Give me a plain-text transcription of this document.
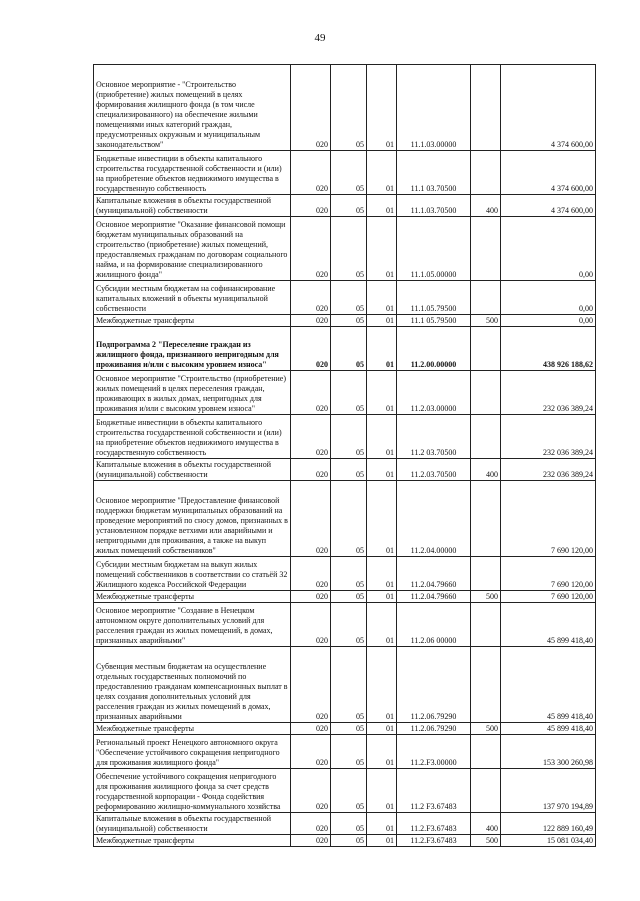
49
Основное мероприятие - "Строительство (приобретение) жилых помещений в целях формирования жилищного фонда (в том числе специализированного) на обеспечение жилыми помещениями иных категорий граждан, предусмотренных окружным и муниципальным законодательством"	020	05	01	11.1.03.00000		4 374 600,00
Бюджетные инвестиции в объекты капитального строительства государственной собственности и (или) на приобретение объектов недвижимого имущества в государственную собственность	020	05	01	11.1 03.70500		4 374 600,00
Капитальные вложения в объекты государственной (муниципальной) собственности	020	05	01	11.1.03.70500	400	4 374 600,00
Основное мероприятие "Оказание финансовой помощи бюджетам муниципальных образований на строительство (приобретение) жилых помещений, предоставляемых гражданам по договорам социального найма, и на формирование специализированного жилищного фонда"	020	05	01	11.1.05.00000		0,00
Субсидии местным бюджетам на софинансирование капитальных вложений в объекты муниципальной собственности	020	05	01	11.1.05.79500		0,00
Межбюджетные трансферты	020	05	01	11.1 05.79500	500	0,00
Подпрограмма 2 "Переселение граждан из жилищного фонда, признанного непригодным для проживания и/или с высоким уровнем износа"	020	05	01	11.2.00.00000		438 926 188,62
Основное мероприятие "Строительство (приобретение) жилых помещений в целях переселения граждан, проживающих в жилых домах, непригодных для проживания и/или с высоким уровнем износа"	020	05	01	11.2.03.00000		232 036 389,24
Бюджетные инвестиции в объекты капитального строительства государственной собственности и (или) на приобретение объектов недвижимого имущества в государственную собственность	020	05	01	11.2 03.70500		232 036 389,24
Капитальные вложения в объекты государственной (муниципальной) собственности	020	05	01	11.2.03.70500	400	232 036 389,24
Основное мероприятие "Предоставление финансовой поддержки бюджетам муниципальных образований на проведение мероприятий по сносу домов, признанных в установленном порядке ветхими или аварийными и непригодными для проживания, а также на выкуп жилых помещений собственников"	020	05	01	11.2.04.00000		7 690 120,00
Субсидии местным бюджетам на выкуп жилых помещений собственников в соответствии со статьёй 32 Жилищного кодекса Российской Федерации	020	05	01	11.2.04.79660		7 690 120,00
Межбюджетные трансферты	020	05	01	11.2.04.79660	500	7 690 120,00
Основное мероприятие "Создание в Ненецком автономном округе дополнительных условий для расселения граждан из жилых помещений, в домах, признанных аварийными"	020	05	01	11.2.06 00000		45 899 418,40
Субвенция местным бюджетам на осуществление отдельных государственных полномочий по предоставлению гражданам компенсационных выплат в целях создания дополнительных условий для расселения граждан из жилых помещений в домах, признанных аварийными	020	05	01	11.2.06.79290		45 899 418,40
Межбюджетные трансферты	020	05	01	11.2.06.79290	500	45 899 418,40
Региональный проект Ненецкого автономного округа "Обеспечение устойчивого сокращения непригодного для проживания жилищного фонда"	020	05	01	11.2.F3.00000		153 300 260,98
Обеспечение устойчивого сокращения непригодного для проживания жилищного фонда за счет средств государственной корпорации - Фонда содействия реформированию жилищно-коммунального хозяйства	020	05	01	11.2 F3.67483		137 970 194,89
Капитальные вложения в объекты государственной (муниципальной) собственности	020	05	01	11.2.F3.67483	400	122 889 160,49
Межбюджетные трансферты	020	05	01	11.2.F3.67483	500	15 081 034,40
